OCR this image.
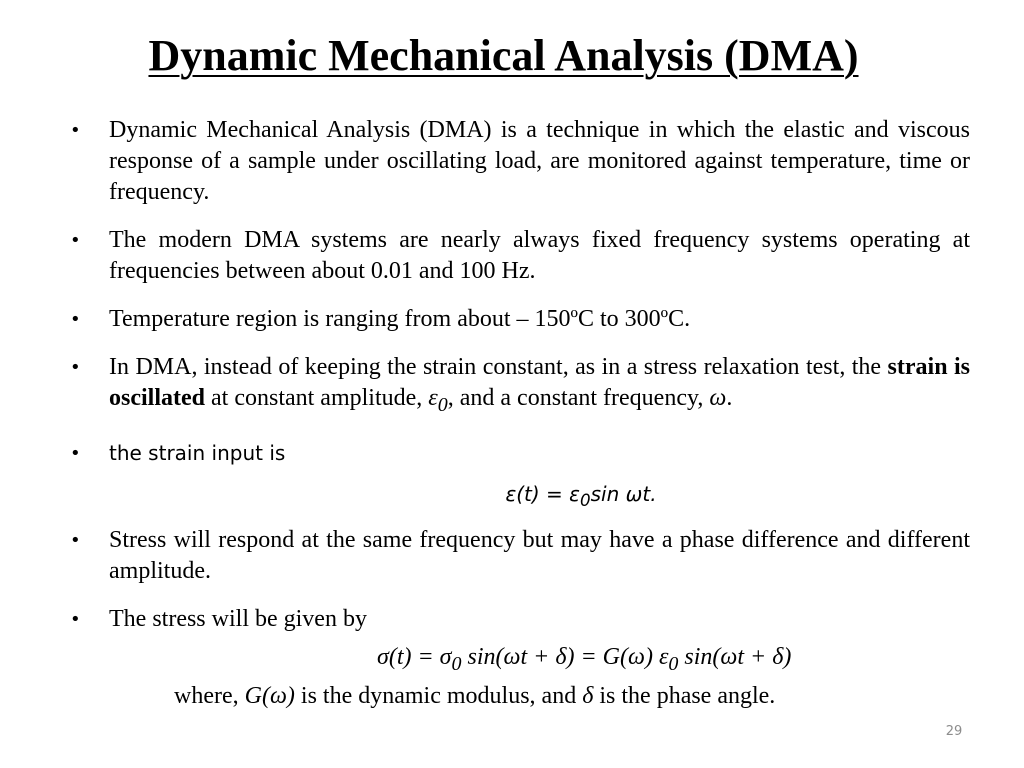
Dynamic Mechanical Analysis (DMA)
•	Dynamic Mechanical Analysis (DMA) is a technique in which the elastic and viscous response of a sample under oscillating load, are monitored against temperature, time or frequency.
•	The modern DMA systems are nearly always fixed frequency systems operating at frequencies between about 0.01 and 100 Hz.
•	Temperature region is ranging from about – 150ºC to 300ºC.
•	In DMA, instead of keeping the strain constant, as in a stress relaxation test, the strain is oscillated at constant amplitude, $\varepsilon_0$, and a constant frequency, ω.
•	the strain input is
$\varepsilon(t) = \varepsilon_0\sin$ ωt.
•	Stress will respond at the same frequency but may have a phase difference and different amplitude.
•	The stress will be given by
$\sigma(t) = \sigma_0$ sin(ωt + δ) = G(ω) $\varepsilon_0$ sin(ωt + δ)
where, G(ω) is the dynamic modulus, and δ is the phase angle.
29
